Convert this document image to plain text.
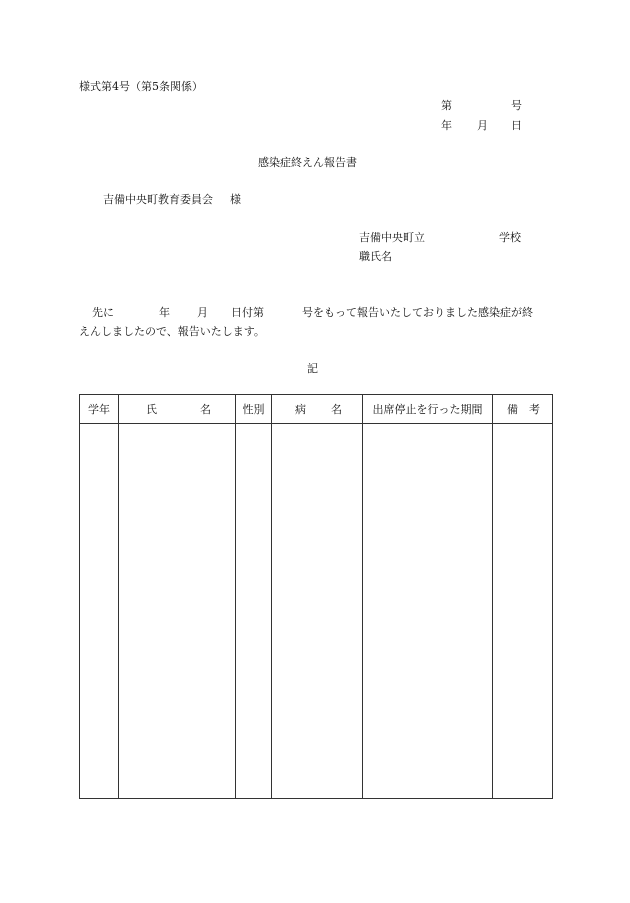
様式第4号（第5条関係）
第	号
年 月 日
感染症終えん報告書
吉備中央町教育委員会 様
吉備中央町立	学校
職氏名
先に	年 月 日付第	号をもって報告いたしておりました感染症が終
えんしましたので、報告いたします。
記
学年	氏 名	性別	病 名	出席停止を行った期間	備 考
